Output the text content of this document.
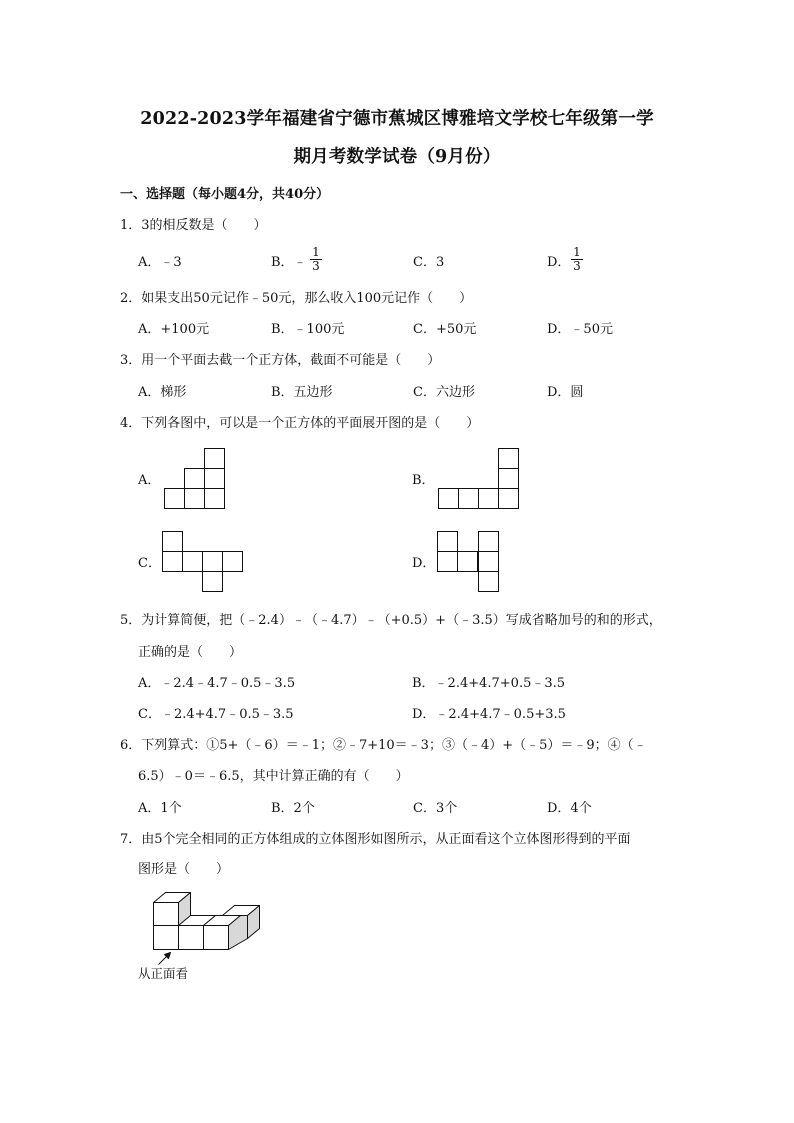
2022-2023学年福建省宁德市蕉城区博雅培文学校七年级第一学
期月考数学试卷（9月份）
一、选择题（每小题4分，共40分）
1．3的相反数是（　　）
A．﹣3	B．﹣ $\frac{1}{3}$	C．3	D． $\frac{1}{3}$
2．如果支出50元记作﹣50元，那么收入100元记作（　　）
A．+100元	B．﹣100元	C．+50元	D．﹣50元
3．用一个平面去截一个正方体，截面不可能是（　　）
A．梯形	B．五边形	C．六边形	D．圆
4．下列各图中，可以是一个正方体的平面展开图的是（　　）
A．	B．
C．	D．
5．为计算简便，把（﹣2.4）﹣（﹣4.7）﹣（+0.5）+（﹣3.5）写成省略加号的和的形式，
正确的是（　　）
A．﹣2.4﹣4.7﹣0.5﹣3.5	B．﹣2.4+4.7+0.5﹣3.5
C．﹣2.4+4.7﹣0.5﹣3.5	D．﹣2.4+4.7﹣0.5+3.5
6．下列算式：①5+（﹣6）＝﹣1；②﹣7+10＝﹣3；③（﹣4）+（﹣5）＝﹣9；④（﹣
6.5）﹣0＝﹣6.5，其中计算正确的有（　　）
A．1个	B．2个	C．3个	D．4个
7．由5个完全相同的正方体组成的立体图形如图所示，从正面看这个立体图形得到的平面
图形是（　　）
从正面看
